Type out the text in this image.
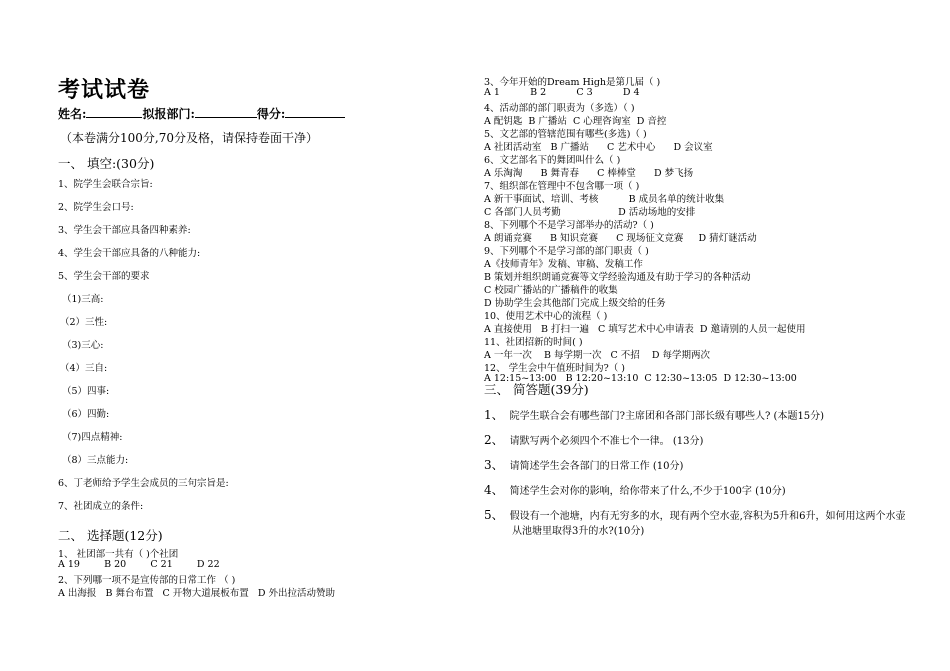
考试试卷
姓名:	拟报部门:	得分:
（本卷满分100分,70分及格，请保持卷面干净）
一、 填空:(30分)
1、院学生会联合宗旨:
2、院学生会口号:
3、学生会干部应具备四种素养:
4、学生会干部应具备的八种能力:
5、学生会干部的要求
（1)三高:
（2）三性:
（3)三心:
（4）三自:
（5）四事:
（6）四勤:
（7)四点精神:
（8）三点能力:
6、丁老师给予学生会成员的三句宗旨是:
7、社团成立的条件:
二、 选择题(12分)
1、 社团部一共有（ )个社团
A 19        B 20        C 21        D 22
2、下列哪一项不是宣传部的日常工作 （ )
A 出海报   B 舞台布置   C 开物大道展板布置   D 外出拉活动赞助
3、今年开始的Dream High是第几届（ )
A 1          B 2          C 3          D 4
4、活动部的部门职责为（多选）（ )
A 配钥匙  B 广播站  C 心理咨询室  D 音控
5、文艺部的管辖范围有哪些(多选)（ )
A 社团活动室   B 广播站      C 艺术中心      D 会议室
6、文艺部名下的舞团叫什么（ )
A 乐淘淘      B 舞青春      C 棒棒堂      D 梦飞扬
7、组织部在管理中不包含哪一项（ )
A 新干事面试、培训、考核          B 成员名单的统计收集
C 各部门人员考勤                   D 活动场地的安排
8、下列哪个不是学习部举办的活动?（ )
A 朗诵竞赛      B 知识竞赛      C 现场征文竞赛     D 猜灯谜活动
9、下列哪个不是学习部的部门职责（ )
A《技师青年》发稿、审稿、发稿工作
B 策划并组织朗诵竞赛等文学经验沟通及有助于学习的各种活动
C 校园广播站的广播稿件的收集
D 协助学生会其他部门完成上级交给的任务
10、使用艺术中心的流程（ )
A 直接使用   B 打扫一遍   C 填写艺术中心申请表  D 邀请别的人员一起使用
11、社团招新的时间( )
A 一年一次    B 每学期一次   C 不招    D 每学期两次
12、 学生会中午值班时间为?（ )
A 12:15~13:00   B 12:20~13:10  C 12:30~13:05  D 12:30~13:00
三、 简答题(39分)
1、 院学生联合会有哪些部门?主席团和各部门部长级有哪些人? (本题15分)
2、 请默写两个必须四个不准七个一律。 (13分)
3、 请简述学生会各部门的日常工作 (10分)
4、 简述学生会对你的影响，给你带来了什么,不少于100字 (10分)
5、 假设有一个池塘，内有无穷多的水，现有两个空水壶,容积为5升和6升，如何用这两个水壶
从池塘里取得3升的水?(10分)
